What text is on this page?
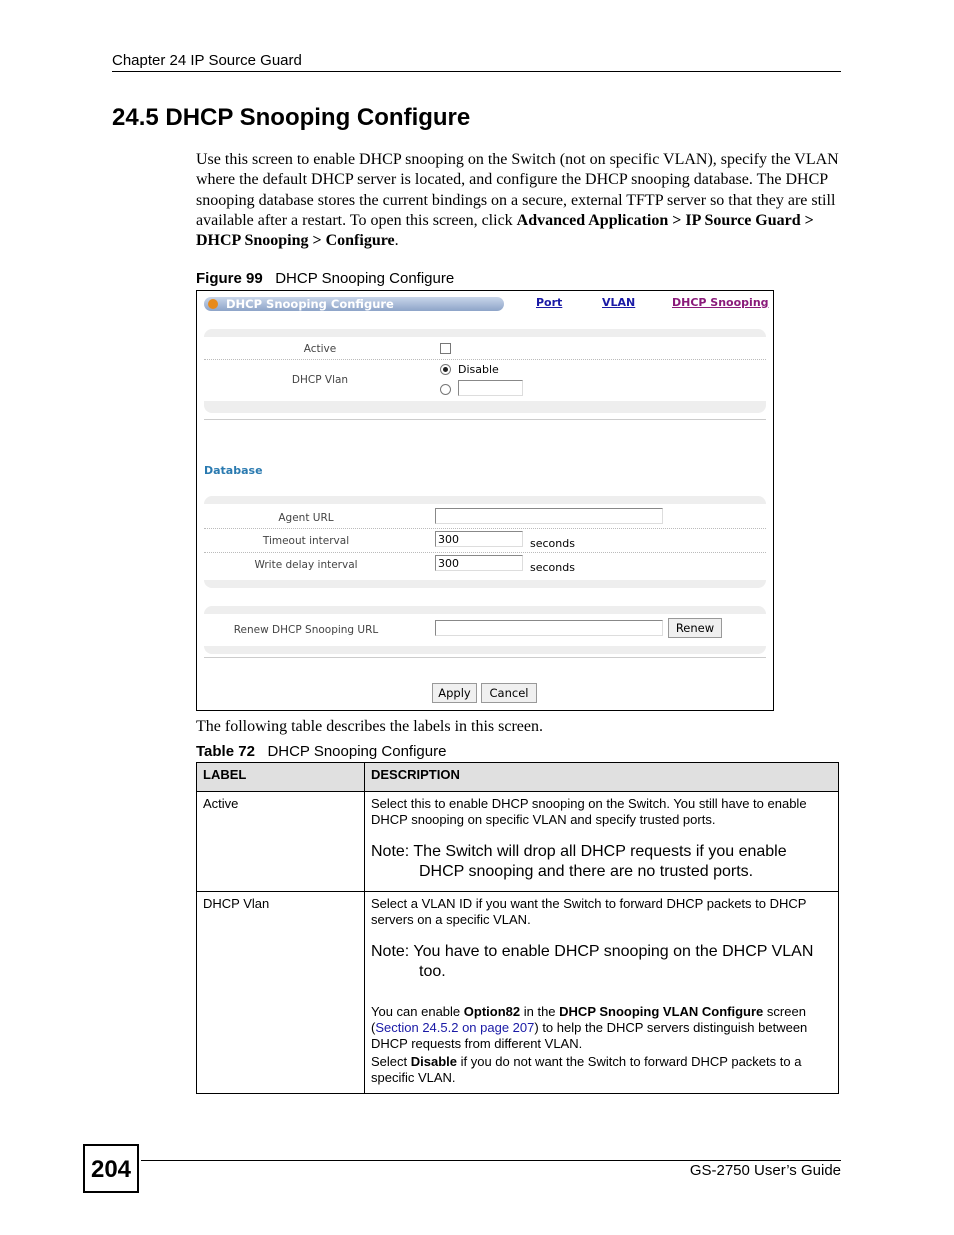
Chapter 24 IP Source Guard
24.5 DHCP Snooping Configure
Use this screen to enable DHCP snooping on the Switch (not on specific VLAN), specify the VLAN where the default DHCP server is located, and configure the DHCP snooping database. The DHCP snooping database stores the current bindings on a secure, external TFTP server so that they are still available after a restart. To open this screen, click Advanced Application > IP Source Guard > DHCP Snooping > Configure.
Figure 99 DHCP Snooping Configure
DHCP Snooping Configure	Port	VLAN	DHCP Snooping
Active
DHCP Vlan
Disable
Database
Agent URL
Timeout interval	300	seconds
Write delay interval	300	seconds
Renew DHCP Snooping URL	Renew
Apply	Cancel
The following table describes the labels in this screen.
Table 72 DHCP Snooping Configure
LABEL	DESCRIPTION
Active	Select this to enable DHCP snooping on the Switch. You still have to enable DHCP snooping on specific VLAN and specify trusted ports.

Note: The Switch will drop all DHCP requests if you enable DHCP snooping and there are no trusted ports.

DHCP Vlan	Select a VLAN ID if you want the Switch to forward DHCP packets to DHCP servers on a specific VLAN.

Note: You have to enable DHCP snooping on the DHCP VLAN too.

You can enable Option82 in the DHCP Snooping VLAN Configure screen (Section 24.5.2 on page 207) to help the DHCP servers distinguish between DHCP requests from different VLAN.

Select Disable if you do not want the Switch to forward DHCP packets to a specific VLAN.

204	GS-2750 User’s Guide
